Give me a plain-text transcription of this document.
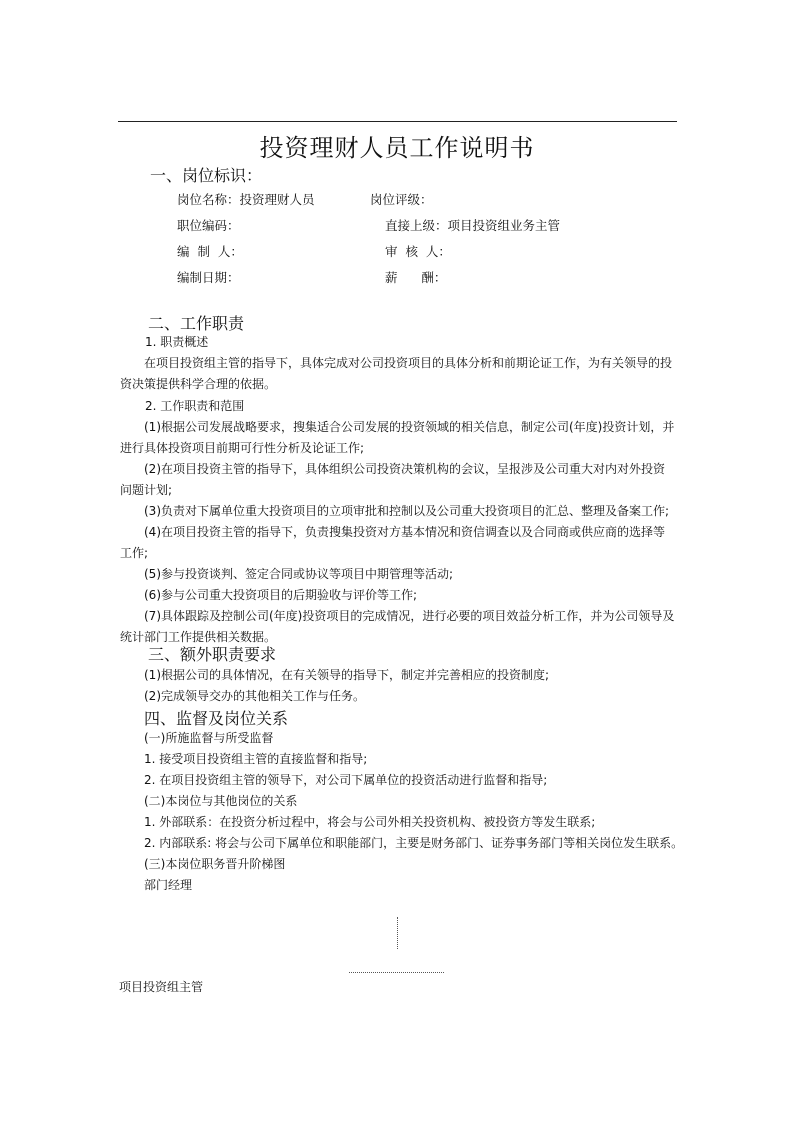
投资理财人员工作说明书
一、岗位标识：
岗位名称：投资理财人员	岗位评级：
职位编码：	直接上级：项目投资组业务主管
编  制  人：	审  核  人：
编制日期：	薪      酬：
二、工作职责
1. 职责概述
在项目投资组主管的指导下，具体完成对公司投资项目的具体分析和前期论证工作，为有关领导的投资决策提供科学合理的依据。
2. 工作职责和范围
(1)根据公司发展战略要求，搜集适合公司发展的投资领域的相关信息，制定公司(年度)投资计划，并进行具体投资项目前期可行性分析及论证工作;
(2)在项目投资主管的指导下，具体组织公司投资决策机构的会议，呈报涉及公司重大对内对外投资问题计划;
(3)负责对下属单位重大投资项目的立项审批和控制以及公司重大投资项目的汇总、整理及备案工作;
(4)在项目投资主管的指导下，负责搜集投资对方基本情况和资信调查以及合同商或供应商的选择等工作;
(5)参与投资谈判、签定合同或协议等项目中期管理等活动;
(6)参与公司重大投资项目的后期验收与评价等工作;
(7)具体跟踪及控制公司(年度)投资项目的完成情况，进行必要的项目效益分析工作，并为公司领导及统计部门工作提供相关数据。
三、额外职责要求
(1)根据公司的具体情况，在有关领导的指导下，制定并完善相应的投资制度;
(2)完成领导交办的其他相关工作与任务。
四、监督及岗位关系
(一)所施监督与所受监督
1. 接受项目投资组主管的直接监督和指导;
2. 在项目投资组主管的领导下，对公司下属单位的投资活动进行监督和指导;
(二)本岗位与其他岗位的关系
1. 外部联系：在投资分析过程中，将会与公司外相关投资机构、被投资方等发生联系;
2. 内部联系: 将会与公司下属单位和职能部门，主要是财务部门、证券事务部门等相关岗位发生联系。
(三)本岗位职务晋升阶梯图
部门经理
项目投资组主管
